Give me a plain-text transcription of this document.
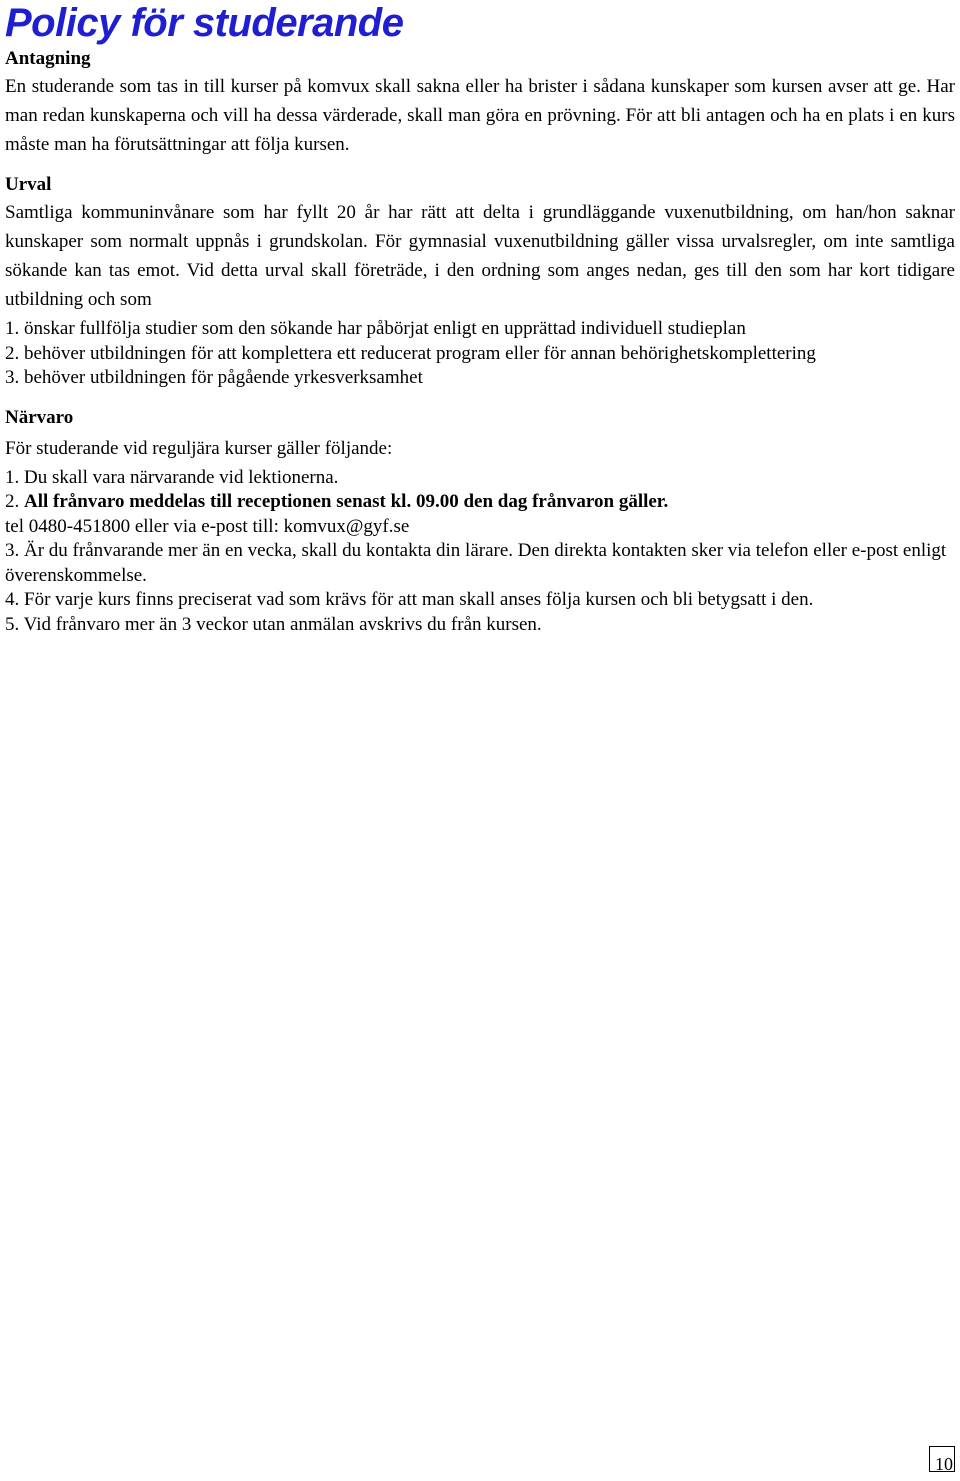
Policy för studerande
Antagning

En studerande som tas in till kurser på komvux skall sakna eller ha brister i sådana kunskaper som kursen avser att ge. Har man redan kunskaperna och vill ha dessa värderade, skall man göra en prövning. För att bli antagen och ha en plats i en kurs måste man ha förutsättningar att följa kursen.

Urval

Samtliga kommuninvånare som har fyllt 20 år har rätt att delta i grundläggande vuxenutbildning, om han/hon saknar kunskaper som normalt uppnås i grundskolan. För gymnasial vuxenutbildning gäller vissa urvalsregler, om inte samtliga sökande kan tas emot. Vid detta urval skall företräde, i den ordning som anges nedan, ges till den som har kort tidigare utbildning och som

1. önskar fullfölja studier som den sökande har påbörjat enligt en upprättad individuell studieplan

2. behöver utbildningen för att komplettera ett reducerat program eller för annan behörighetskomplettering

3. behöver utbildningen för pågående yrkesverksamhet

Närvaro

För studerande vid reguljära kurser gäller följande:

1. Du skall vara närvarande vid lektionerna.

2. All frånvaro meddelas till receptionen senast kl. 09.00 den dag frånvaron gäller.

tel 0480-451800 eller via e-post till: komvux@gyf.se

3. Är du frånvarande mer än en vecka, skall du kontakta din lärare. Den direkta kontakten sker via telefon eller e-post enligt överenskommelse.

4. För varje kurs finns preciserat vad som krävs för att man skall anses följa kursen och bli betygsatt i den.

5. Vid frånvaro mer än 3 veckor utan anmälan avskrivs du från kursen.

10
